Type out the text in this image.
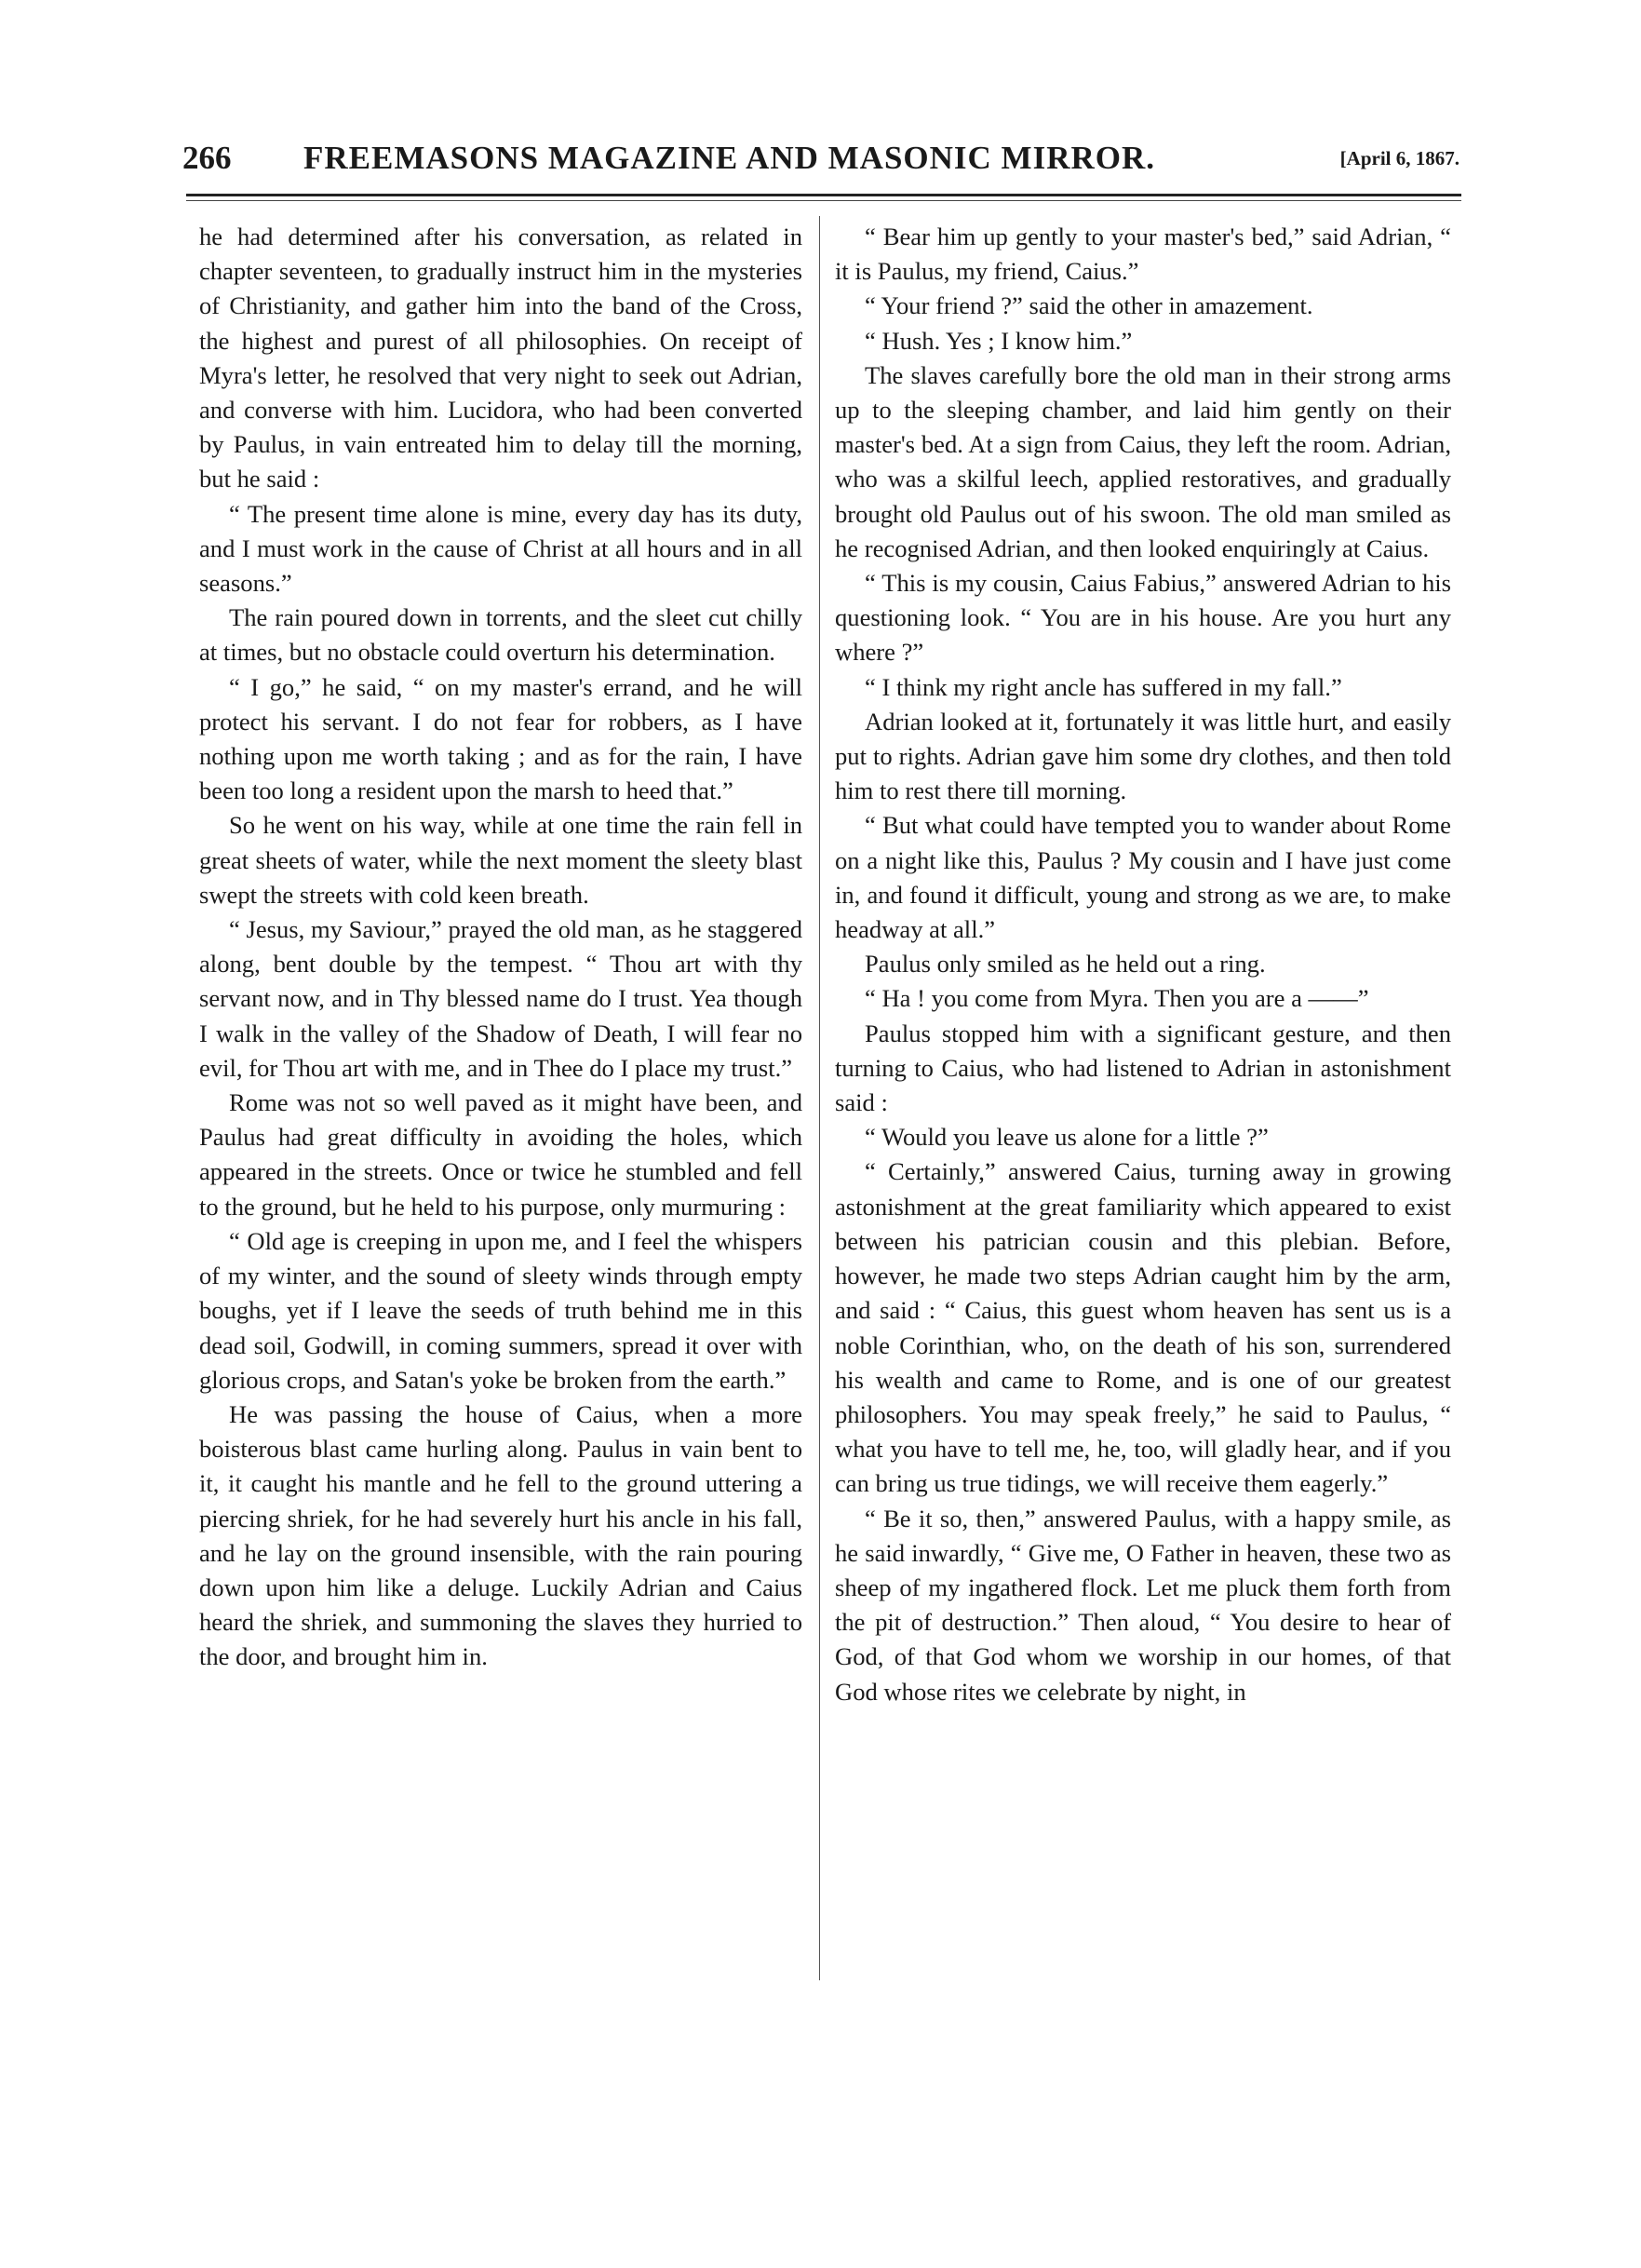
266 FREEMASONS MAGAZINE AND MASONIC MIRROR.	[April 6, 1867.

he had determined after his conversation, as related in chapter seventeen, to gradually instruct him in the mysteries of Christianity, and gather him into the band of the Cross, the highest and purest of all philosophies. On receipt of Myra's letter, he resolved that very night to seek out Adrian, and converse with him. Lucidora, who had been converted by Paulus, in vain entreated him to delay till the morning, but he said :

“ The present time alone is mine, every day has its duty, and I must work in the cause of Christ at all hours and in all seasons.”

The rain poured down in torrents, and the sleet cut chilly at times, but no obstacle could overturn his determination.

“ I go,” he said, “ on my master's errand, and he will protect his servant. I do not fear for robbers, as I have nothing upon me worth taking ; and as for the rain, I have been too long a resident upon the marsh to heed that.”

So he went on his way, while at one time the rain fell in great sheets of water, while the next moment the sleety blast swept the streets with cold keen breath.

“ Jesus, my Saviour,” prayed the old man, as he staggered along, bent double by the tempest. “ Thou art with thy servant now, and in Thy blessed name do I trust. Yea though I walk in the valley of the Shadow of Death, I will fear no evil, for Thou art with me, and in Thee do I place my trust.”

Rome was not so well paved as it might have been, and Paulus had great difficulty in avoiding the holes, which appeared in the streets. Once or twice he stumbled and fell to the ground, but he held to his purpose, only murmuring :

“ Old age is creeping in upon me, and I feel the whispers of my winter, and the sound of sleety winds through empty boughs, yet if I leave the seeds of truth behind me in this dead soil, Godwill, in coming summers, spread it over with glorious crops, and Satan's yoke be broken from the earth.”

He was passing the house of Caius, when a more boisterous blast came hurling along. Paulus in vain bent to it, it caught his mantle and he fell to the ground uttering a piercing shriek, for he had severely hurt his ancle in his fall, and he lay on the ground insensible, with the rain pouring down upon him like a deluge. Luckily Adrian and Caius heard the shriek, and summoning the slaves they hurried to the door, and brought him in.

“ Bear him up gently to your master's bed,” said Adrian, “ it is Paulus, my friend, Caius.”

“ Your friend ?” said the other in amazement.

“ Hush. Yes ; I know him.”

The slaves carefully bore the old man in their strong arms up to the sleeping chamber, and laid him gently on their master's bed. At a sign from Caius, they left the room. Adrian, who was a skilful leech, applied restoratives, and gradually brought old Paulus out of his swoon. The old man smiled as he recognised Adrian, and then looked enquiringly at Caius.

“ This is my cousin, Caius Fabius,” answered Adrian to his questioning look. “ You are in his house. Are you hurt any where ?”

“ I think my right ancle has suffered in my fall.”

Adrian looked at it, fortunately it was little hurt, and easily put to rights. Adrian gave him some dry clothes, and then told him to rest there till morning.

“ But what could have tempted you to wander about Rome on a night like this, Paulus ? My cousin and I have just come in, and found it difficult, young and strong as we are, to make headway at all.”

Paulus only smiled as he held out a ring.

“ Ha ! you come from Myra. Then you are a ——”

Paulus stopped him with a significant gesture, and then turning to Caius, who had listened to Adrian in astonishment said :

“ Would you leave us alone for a little ?”

“ Certainly,” answered Caius, turning away in growing astonishment at the great familiarity which appeared to exist between his patrician cousin and this plebian. Before, however, he made two steps Adrian caught him by the arm, and said : “ Caius, this guest whom heaven has sent us is a noble Corinthian, who, on the death of his son, surrendered his wealth and came to Rome, and is one of our greatest philosophers. You may speak freely,” he said to Paulus, “ what you have to tell me, he, too, will gladly hear, and if you can bring us true tidings, we will receive them eagerly.”

“ Be it so, then,” answered Paulus, with a happy smile, as he said inwardly, “ Give me, O Father in heaven, these two as sheep of my ingathered flock. Let me pluck them forth from the pit of destruction.” Then aloud, “ You desire to hear of God, of that God whom we worship in our homes, of that God whose rites we celebrate by night, in
